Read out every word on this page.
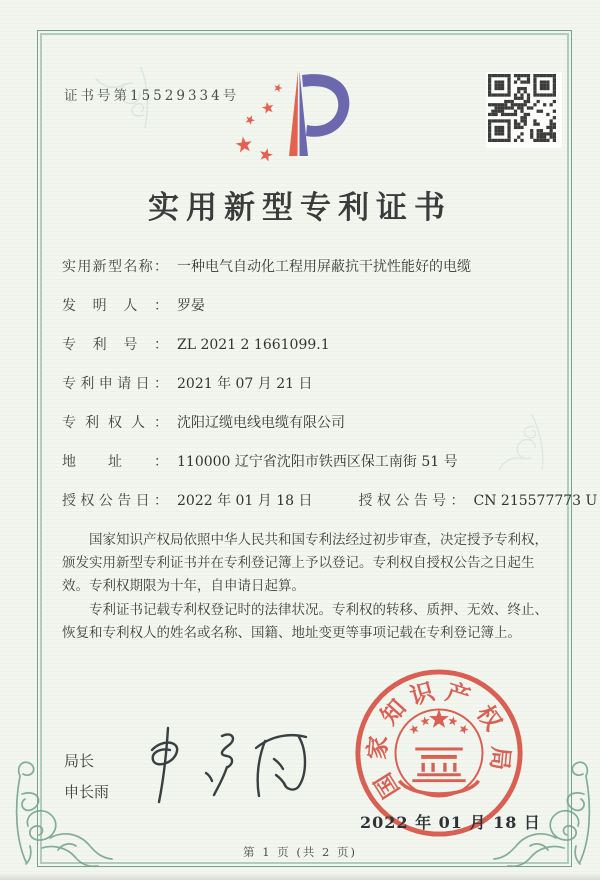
证书号第15529334号
实用新型专利证书
实用新型名称： 一种电气自动化工程用屏蔽抗干扰性能好的电缆
发明人： 罗晏
专利号： ZL 2021 2 1661099.1
专利申请日： 2021 年 07 月 21 日
专利权人： 沈阳辽缆电线电缆有限公司
地址： 110000 辽宁省沈阳市铁西区保工南街 51 号
授权公告日： 2022 年 01 月 18 日	授权公告号： CN 215577773 U

国家知识产权局依照中华人民共和国专利法经过初步审查，决定授予专利权，颁发实用新型专利证书并在专利登记簿上予以登记。专利权自授权公告之日起生效。专利权期限为十年，自申请日起算。

专利证书记载专利权登记时的法律状况。专利权的转移、质押、无效、终止、恢复和专利权人的姓名或名称、国籍、地址变更等事项记载在专利登记簿上。

局长
申长雨	国
家
知
识 产
权
局
2022 年 01 月 18 日
第 1 页 (共 2 页)
